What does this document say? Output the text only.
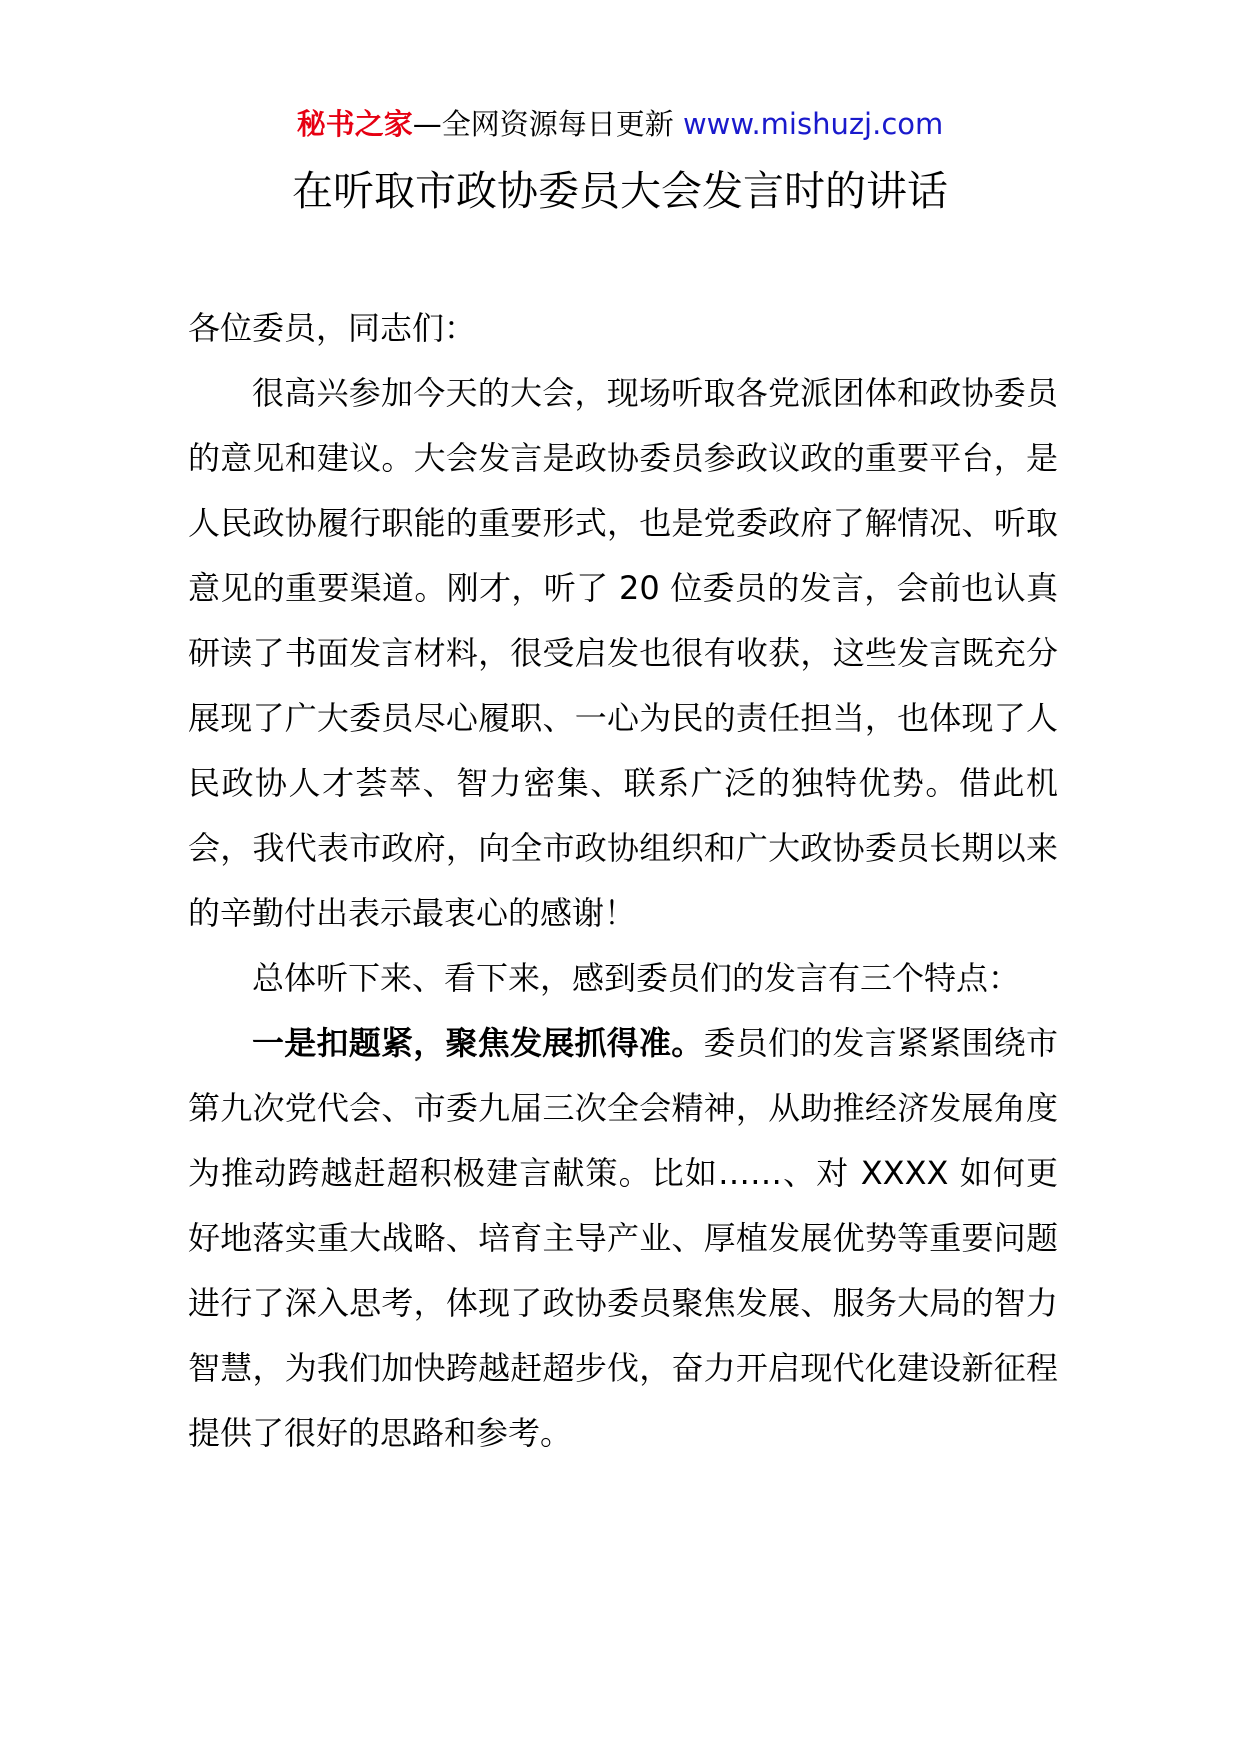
秘书之家—全网资源每日更新 www.mishuzj.com
在听取市政协委员大会发言时的讲话

各位委员，同志们：

很高兴参加今天的大会，现场听取各党派团体和政协委员的意见和建议。大会发言是政协委员参政议政的重要平台，是人民政协履行职能的重要形式，也是党委政府了解情况、听取意见的重要渠道。刚才，听了 20 位委员的发言，会前也认真研读了书面发言材料，很受启发也很有收获，这些发言既充分展现了广大委员尽心履职、一心为民的责任担当，也体现了人民政协人才荟萃、智力密集、联系广泛的独特优势。借此机会，我代表市政府，向全市政协组织和广大政协委员长期以来的辛勤付出表示最衷心的感谢！

总体听下来、看下来，感到委员们的发言有三个特点：

一是扣题紧，聚焦发展抓得准。委员们的发言紧紧围绕市第九次党代会、市委九届三次全会精神，从助推经济发展角度为推动跨越赶超积极建言献策。比如……、对 XXXX 如何更好地落实重大战略、培育主导产业、厚植发展优势等重要问题进行了深入思考，体现了政协委员聚焦发展、服务大局的智力智慧，为我们加快跨越赶超步伐，奋力开启现代化建设新征程提供了很好的思路和参考。
